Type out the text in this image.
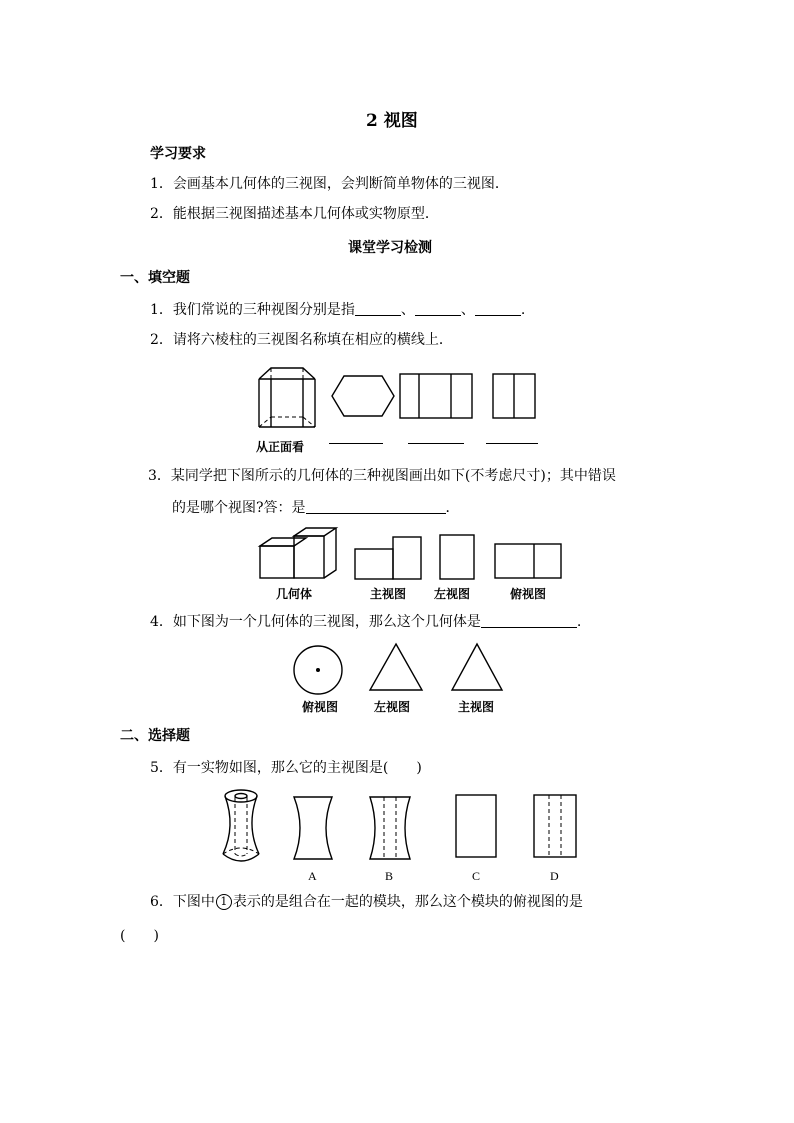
2 视图
学习要求
1．会画基本几何体的三视图，会判断简单物体的三视图．
2．能根据三视图描述基本几何体或实物原型．
课堂学习检测
一、填空题
1．我们常说的三种视图分别是指	、	、	.
2．请将六棱柱的三视图名称填在相应的横线上．
从正面看
3．某同学把下图所示的几何体的三种视图画出如下(不考虑尺寸)；其中错误
的是哪个视图?答：是	．
几何体	主视图 左视图	俯视图
4．如下图为一个几何体的三视图，那么这个几何体是	.
俯视图	左视图	主视图
二、选择题
5．有一实物如图，那么它的主视图是(　　)
A	B	C	D
6．下图中 1 表示的是组合在一起的模块，那么这个模块的俯视图的是
(　　)
